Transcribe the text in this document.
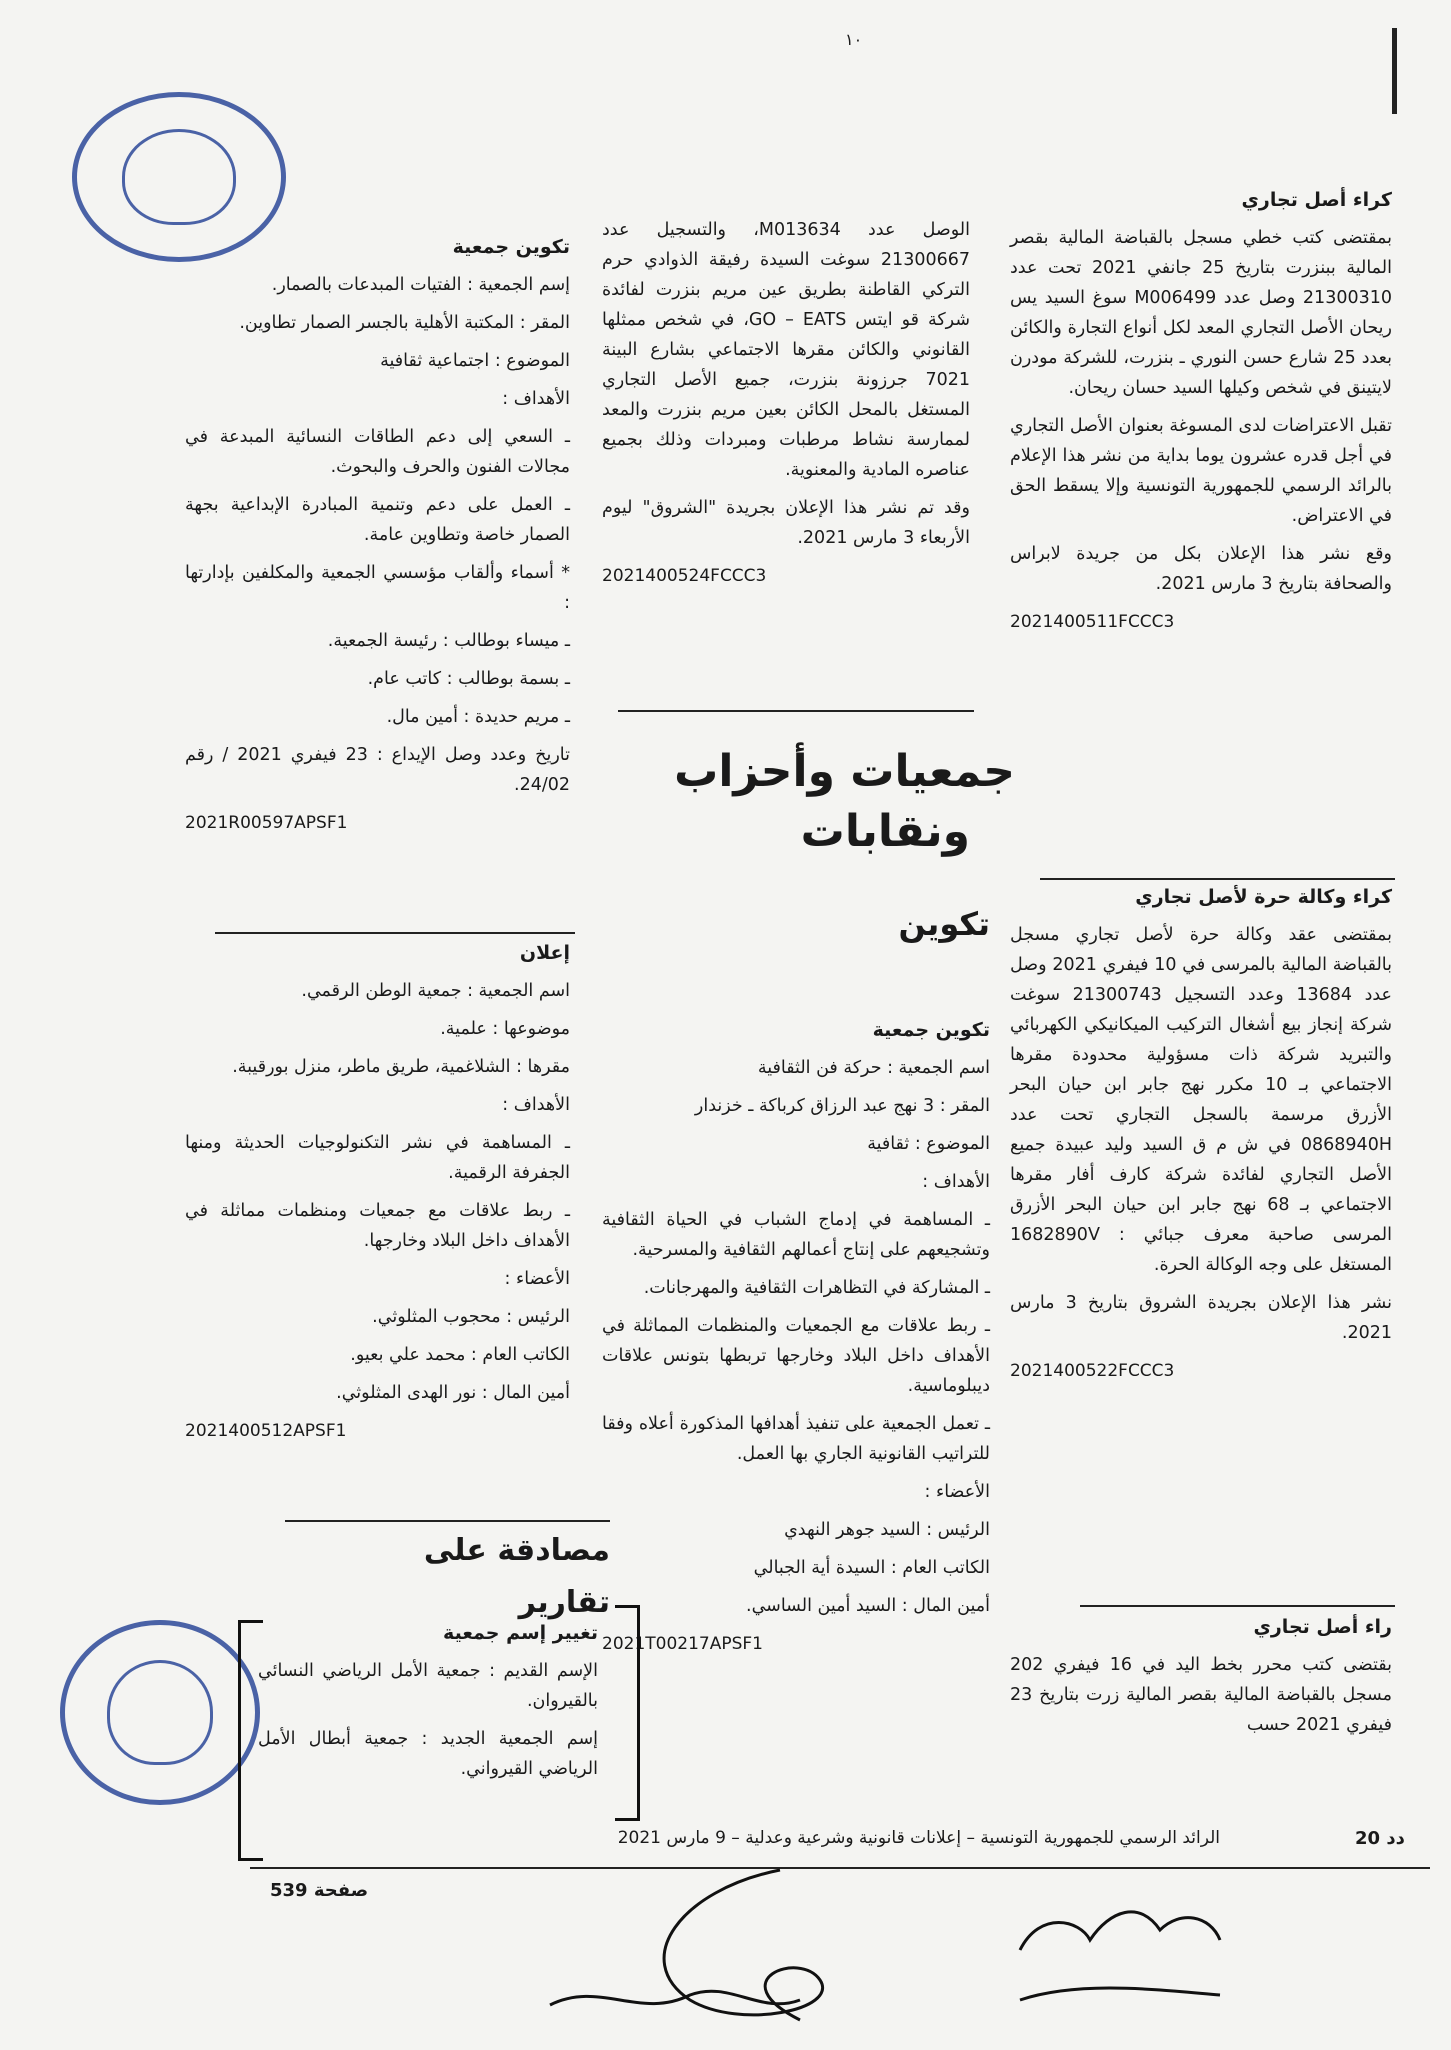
١٠

كراء أصل تجاري

بمقتضى كتب خطي مسجل بالقباضة المالية بقصر المالية ببنزرت بتاريخ 25 جانفي 2021 تحت عدد 21300310 وصل عدد M006499 سوغ السيد يس ريحان الأصل التجاري المعد لكل أنواع التجارة والكائن بعدد 25 شارع حسن النوري ـ بنزرت، للشركة مودرن لايتينق في شخص وكيلها السيد حسان ريحان.

تقبل الاعتراضات لدى المسوغة بعنوان الأصل التجاري في أجل قدره عشرون يوما بداية من نشر هذا الإعلام بالرائد الرسمي للجمهورية التونسية وإلا يسقط الحق في الاعتراض.

وقع نشر هذا الإعلان بكل من جريدة لابراس والصحافة بتاريخ 3 مارس 2021.

2021400511FCCC3

كراء وكالة حرة لأصل تجاري

بمقتضى عقد وكالة حرة لأصل تجاري مسجل بالقباضة المالية بالمرسى في 10 فيفري 2021 وصل عدد 13684 وعدد التسجيل 21300743 سوغت شركة إنجاز بيع أشغال التركيب الميكانيكي الكهربائي والتبريد شركة ذات مسؤولية محدودة مقرها الاجتماعي بـ 10 مكرر نهج جابر ابن حيان البحر الأزرق مرسمة بالسجل التجاري تحت عدد 0868940H في ش م ق السيد وليد عبيدة جميع الأصل التجاري لفائدة شركة كارف أفار مقرها الاجتماعي بـ 68 نهج جابر ابن حيان البحر الأزرق المرسى صاحبة معرف جبائي : 1682890V المستغل على وجه الوكالة الحرة.

نشر هذا الإعلان بجريدة الشروق بتاريخ 3 مارس 2021.

2021400522FCCC3

راء أصل تجاري

بقتضى كتب محرر بخط اليد في 16 فيفري 202 مسجل بالقباضة المالية بقصر المالية زرت بتاريخ 23 فيفري 2021 حسب

الوصل عدد M013634، والتسجيل عدد 21300667 سوغت السيدة رفيقة الذوادي حرم التركي القاطنة بطريق عين مريم بنزرت لفائدة شركة قو ايتس GO – EATS، في شخص ممثلها القانوني والكائن مقرها الاجتماعي بشارع البينة 7021 جرزونة بنزرت، جميع الأصل التجاري المستغل بالمحل الكائن بعين مريم بنزرت والمعد لممارسة نشاط مرطبات ومبردات وذلك بجميع عناصره المادية والمعنوية.

وقد تم نشر هذا الإعلان بجريدة "الشروق" ليوم الأربعاء 3 مارس 2021.

2021400524FCCC3

جمعيات وأحزاب
ونقابات
تكوين

تكوين جمعية

اسم الجمعية : حركة فن الثقافية

المقر : 3 نهج عبد الرزاق كرباكة ـ خزندار

الموضوع : ثقافية

الأهداف :

ـ المساهمة في إدماج الشباب في الحياة الثقافية وتشجيعهم على إنتاج أعمالهم الثقافية والمسرحية.

ـ المشاركة في التظاهرات الثقافية والمهرجانات.

ـ ربط علاقات مع الجمعيات والمنظمات المماثلة في الأهداف داخل البلاد وخارجها تربطها بتونس علاقات ديبلوماسية.

ـ تعمل الجمعية على تنفيذ أهدافها المذكورة أعلاه وفقا للتراتيب القانونية الجاري بها العمل.

الأعضاء :

الرئيس : السيد جوهر النهدي

الكاتب العام : السيدة أية الجبالي

أمين المال : السيد أمين الساسي.

2021T00217APSF1

تكوين جمعية

إسم الجمعية : الفتيات المبدعات بالصمار.

المقر : المكتبة الأهلية بالجسر الصمار تطاوين.

الموضوع : اجتماعية ثقافية

الأهداف :

ـ السعي إلى دعم الطاقات النسائية المبدعة في مجالات الفنون والحرف والبحوث.

ـ العمل على دعم وتنمية المبادرة الإبداعية بجهة الصمار خاصة وتطاوين عامة.

* أسماء وألقاب مؤسسي الجمعية والمكلفين بإدارتها :

ـ ميساء بوطالب : رئيسة الجمعية.

ـ بسمة بوطالب : كاتب عام.

ـ مريم حديدة : أمين مال.

تاريخ وعدد وصل الإيداع : 23 فيفري 2021 / رقم 24/02.

2021R00597APSF1

إعلان

اسم الجمعية : جمعية الوطن الرقمي.

موضوعها : علمية.

مقرها : الشلاغمية، طريق ماطر، منزل بورقيبة.

الأهداف :

ـ المساهمة في نشر التكنولوجيات الحديثة ومنها الجفرفة الرقمية.

ـ ربط علاقات مع جمعيات ومنظمات مماثلة في الأهداف داخل البلاد وخارجها.

الأعضاء :

الرئيس : محجوب المثلوثي.

الكاتب العام : محمد علي بعيو.

أمين المال : نور الهدى المثلوثي.

2021400512APSF1

مصادقة على تقارير

تغيير إسم جمعية

الإسم القديم : جمعية الأمل الرياضي النسائي بالقيروان.

إسم الجمعية الجديد : جمعية أبطال الأمل الرياضي القيرواني.

دد 20
الرائد الرسمي للجمهورية التونسية – إعلانات قانونية وشرعية وعدلية – 9 مارس 2021
صفحة 539
